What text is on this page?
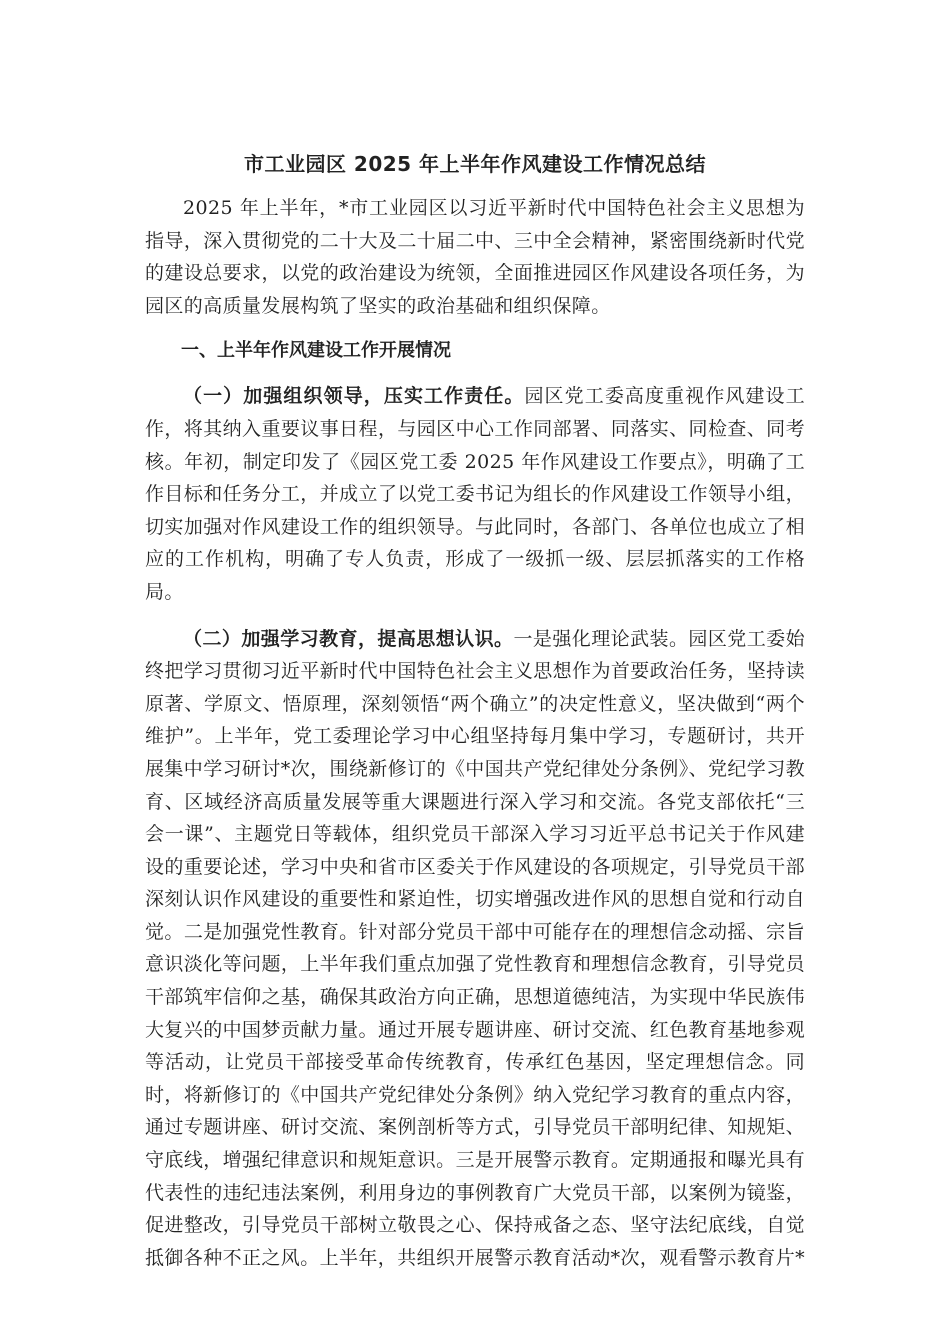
市工业园区 2025 年上半年作风建设工作情况总结

2025 年上半年，*市工业园区以习近平新时代中国特色社会主义思想为指导，深入贯彻党的二十大及二十届二中、三中全会精神，紧密围绕新时代党的建设总要求，以党的政治建设为统领，全面推进园区作风建设各项任务，为园区的高质量发展构筑了坚实的政治基础和组织保障。

一、上半年作风建设工作开展情况

（一）加强组织领导，压实工作责任。园区党工委高度重视作风建设工作，将其纳入重要议事日程，与园区中心工作同部署、同落实、同检查、同考核。年初，制定印发了《园区党工委 2025 年作风建设工作要点》，明确了工作目标和任务分工，并成立了以党工委书记为组长的作风建设工作领导小组，切实加强对作风建设工作的组织领导。与此同时，各部门、各单位也成立了相应的工作机构，明确了专人负责，形成了一级抓一级、层层抓落实的工作格局。

（二）加强学习教育，提高思想认识。一是强化理论武装。园区党工委始终把学习贯彻习近平新时代中国特色社会主义思想作为首要政治任务，坚持读原著、学原文、悟原理，深刻领悟“两个确立”的决定性意义，坚决做到“两个维护”。上半年，党工委理论学习中心组坚持每月集中学习，专题研讨，共开展集中学习研讨*次，围绕新修订的《中国共产党纪律处分条例》、党纪学习教育、区域经济高质量发展等重大课题进行深入学习和交流。各党支部依托“三会一课”、主题党日等载体，组织党员干部深入学习习近平总书记关于作风建设的重要论述，学习中央和省市区委关于作风建设的各项规定，引导党员干部深刻认识作风建设的重要性和紧迫性，切实增强改进作风的思想自觉和行动自觉。二是加强党性教育。针对部分党员干部中可能存在的理想信念动摇、宗旨意识淡化等问题，上半年我们重点加强了党性教育和理想信念教育，引导党员干部筑牢信仰之基，确保其政治方向正确，思想道德纯洁，为实现中华民族伟大复兴的中国梦贡献力量。通过开展专题讲座、研讨交流、红色教育基地参观等活动，让党员干部接受革命传统教育，传承红色基因，坚定理想信念。同时，将新修订的《中国共产党纪律处分条例》纳入党纪学习教育的重点内容，通过专题讲座、研讨交流、案例剖析等方式，引导党员干部明纪律、知规矩、守底线，增强纪律意识和规矩意识。三是开展警示教育。定期通报和曝光具有代表性的违纪违法案例，利用身边的事例教育广大党员干部，以案例为镜鉴，促进整改，引导党员干部树立敬畏之心、保持戒备之态、坚守法纪底线，自觉抵御各种不正之风。上半年，共组织开展警示教育活动*次，观看警示教育片*
